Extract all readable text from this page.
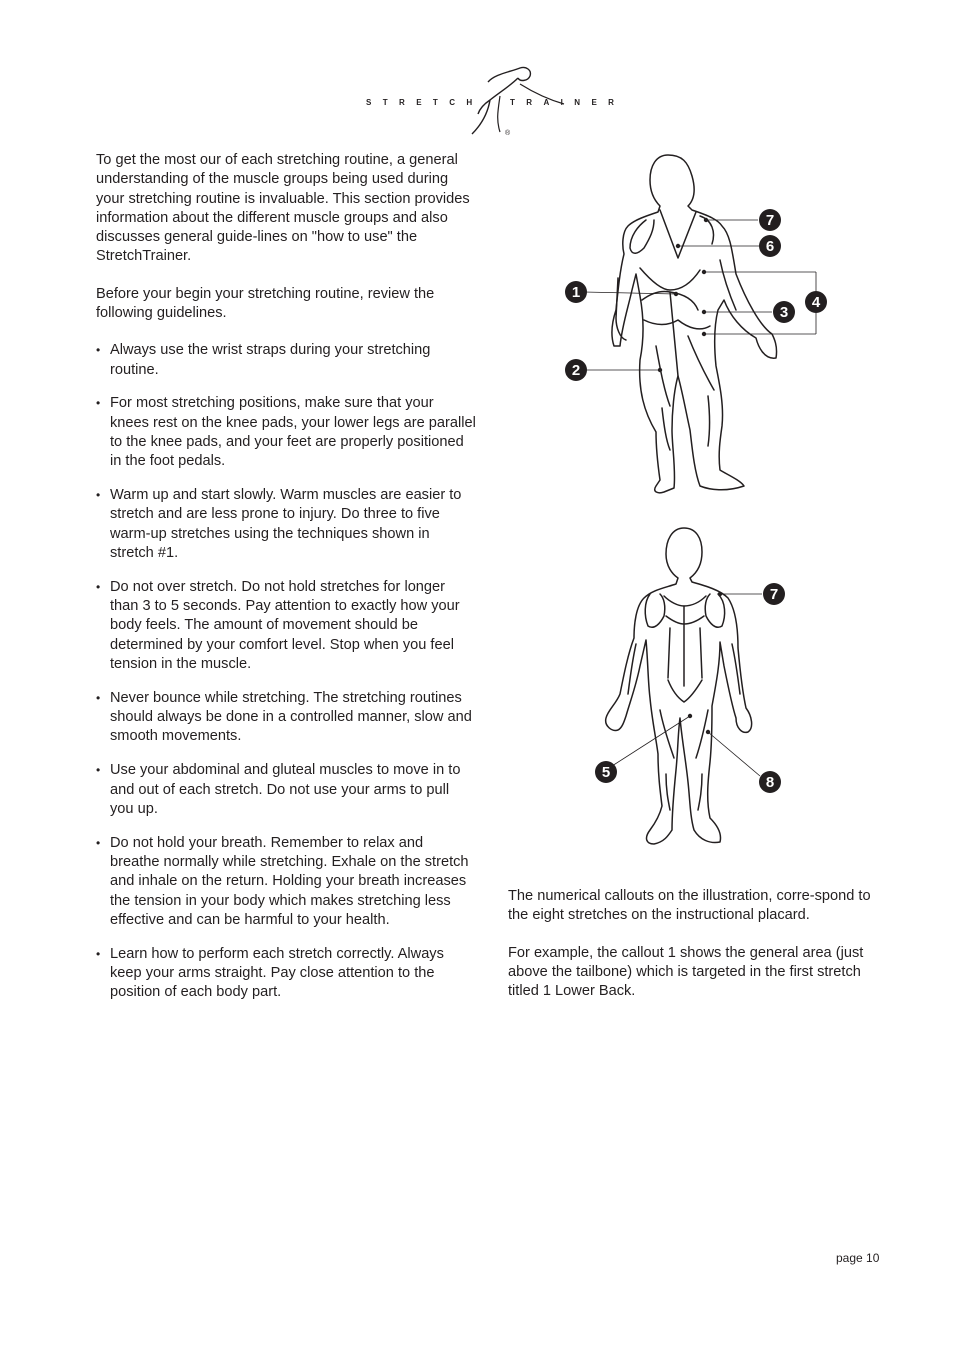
STRETCH	TRAINER
®

To get the most our of each stretching routine, a general understanding of the muscle groups being used during your stretching routine is invaluable. This section provides information about the different muscle groups and also discusses general guide-lines on "how to use" the StretchTrainer.

Before your begin your stretching routine, review the following guidelines.

• Always use the wrist straps during your stretching routine.
• For most stretching positions, make sure that your knees rest on the knee pads, your lower legs are parallel to the knee pads, and your feet are properly positioned in the foot pedals.
• Warm up and start slowly. Warm muscles are easier to stretch and are less prone to injury. Do three to five warm-up stretches using the techniques shown in stretch #1.
• Do not over stretch. Do not hold stretches for longer than 3 to 5 seconds. Pay attention to exactly how your body feels. The amount of movement should be determined by your comfort level. Stop when you feel tension in the muscle.
• Never bounce while stretching. The stretching routines should always be done in a controlled manner, slow and smooth movements.
• Use your abdominal and gluteal muscles to move in to and out of each stretch. Do not use your arms to pull you up.
• Do not hold your breath. Remember to relax and breathe normally while stretching. Exhale on the stretch and inhale on the return. Holding your breath increases the tension in your body which makes stretching less effective and can be harmful to your health.
• Learn how to perform each stretch correctly. Always keep your arms straight. Pay close attention to the position of each body part.
1
2
7
6
4
3
7
5
8

The numerical callouts on the illustration, corre-spond to the eight stretches on the instructional placard.

For example, the callout 1 shows the general area (just above the tailbone) which is targeted in the first stretch titled 1 Lower Back.

page 10
